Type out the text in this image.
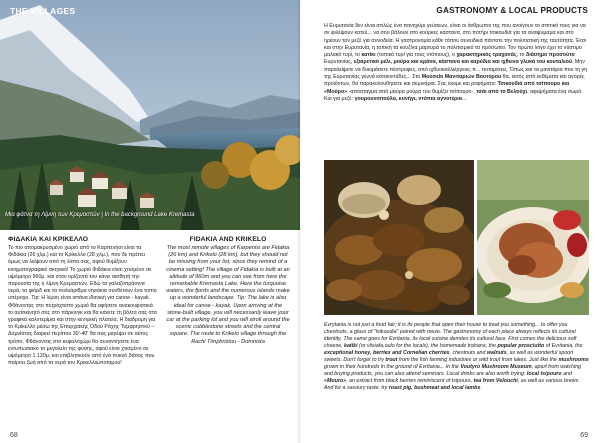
THE VILLAGES
Μια φάτνα τη Λίμνη των Κρεμαστών | In the background Lake Kremasta
ΦΙΔΑΚΙΑ ΚΑΙ ΚΡΙΚΕΛΛΟ
Το πιο απομακρυσμένο χωριό από το Καρπενήσι είναι τα Φιδάκια (26 χλμ.) και το Κρίκελλο (28 χλμ.), που δε πρέπει όμως να λείψουν από τη λίστα σας, αφού θυμίζουν κινηματογραφικό σκηνικό! Το χωριό Φιδάκια είναι χτισμένο σε υψόμετρο 960μ. και στον ορίζοντά του κάνει αισθητή την παρουσία της η λίμνη Κρεμαστών. Εδώ τα γαλαζοπράσινα νερά, τα φιόρδ και τα πολυάριθμα νησάκια συνθέτουν ένα τοπίο υπέροχο. Tip: Η λίμνη είναι ιστάνα ιδανική για canoe - kayak. Φθάνοντας στο πετρόχτιστο χωριό θα αφήσετε ανακουφιστικά το αυτοκίνητό σας στο πάρκινγκ και θα κάνετε τη βόλτα σας στα γραφικά καλντερίμια και στην κεντρική πλατεία. Η διαδρομή για το Κρίκελλο μέσω της Επαρχιακής Οδού Ράχης Τυμφρηστού – Δομνίστας διαρκεί περίπου 30'-40' θα σας μαγέψει σε αύτος τρόπο. Φθάνοντας στο κεφαλοχώρι θα συναντήσετε ένα εντυπωσιακό το μεγαλείο της φύσης, αφού είναι χτισμένο σε υψόμετρο 1.120μ. και επιβλητικούν από ένα πυκνό δάσος που παίρνει ζωή από τα νερά του Κρικελλιώποταμου!
FIDAKIA AND KRIKELO
The most remote villages of Karpenisi are Fidakia (26 km) and Krikelo (28 km), but they should not be missing from your list, since they remind of a cinema setting! The village of Fidakia is built at an altitude of 960m and you can see from here the remarkable Kremasta Lake. Here the turquoise waters, the fjords and the numerous islands make up a wonderful landscape. Tip: The lake is also ideal for canoe - kayak. Upon arriving at the stone-built village, you will necessarily leave your car at the parking lot and you will stroll around the scenic cobblestone streets and the central square. The route to Krikelo village through the Rachi Timphristou - Domnista
68
GASTRONOMY & LOCAL PRODUCTS
Η Ευρυτανία δεν είναι απλώς ένα πανηγύρι γεύσεων, είναι οι άνθρωποι της που ανοίγουν το σπιτικό τους για να σε φιλέψουν κατεύ... να σου βάλουν στο κούρκες κάστανα, στο ποτήρι τσικουδιά για τα αναψυμαμα και στο ηρέουν τον μεζέ για συνοδεία. Η γαστρονομία κάθε τόπου συνειδικά πάντοτε την πολιτιστική της ταυτότητα. Έτσι και στην Ευρυτανία, η τοπική τα κουζίνα μαρτυρά το πολιτισμικό τα πρόσωπο. Τον πρώτο λόγο έχει το νόστιμο μαλακό τυρί, το κατίκι (τοπικό τυρί για τους ντόπιους), ο χαρακτηρικός τραχανάς, το διάσημο προσούτο Ευρυτανίας, εξαιρετικό μέλι, μούρα και κράνα, κάστανα και καρύδια και ιχθεινα γλυκά του κουταλιού. Μην παραλείψετε να δοκιμάσετε πέστροφες, από ιχθυοκαλλιέργειες π... ποταμίσεις. Όπως και τα μανιτάρια που τη γη της Ευρυτανίας γεννά κατακιντάδες... Στο Μουσείο Μανιταριών Βουτύρου θα, εκτός από εκθέματα και αγορές προϊόντων, θα παρακολουθήσετε και σεμινάρια. Σας έκομε και ροφήματα: Τσικουδιά από τσίπουρο και «Μούρο» -απόσταγμα από μαύρα μούρα του θυμίζει τσίπουρο-, τσάι από το Βελούχι, αφεψήματα ένα σωρό. Και για μεζέ: γουρουνοπούλα, κυνήγι, ντόπια αγνοτέρια...
Evrytania is not just a food fair; it is its people that open their house to treat you something... to offer you chestnuts, a glass of "tsikoudia" paired with meze. The gastronomy of each place always reflects its cultural identity. The same goes for Evritania, its local cuisine denotes its cultural face. First comes the delicious soft cheese, katiki (or vlisiafa,oulo for the locals), the homemade trahana, the popular prosciutto of Evritania, the exceptional honey, berries and Cornelian cherries, chestnuts and walnuts, as well as wonderful spoon sweets. Don't forget to try trout from the fish farming industries or wild trout from lakes. Just like the mushrooms grown in their hundreds in the ground of Evritania... In the Voutyro Mushroom Museum, apart from watching and buying products, you can also attend seminars. Local drinks are also worth trying: local tsipouro and «Mouro», an extract from black berries reminiscent of tsipouro, tea from Velouchi, as well as various brews. And for a savoury taste, try roast pig, bushmeat and local lambs.
69
